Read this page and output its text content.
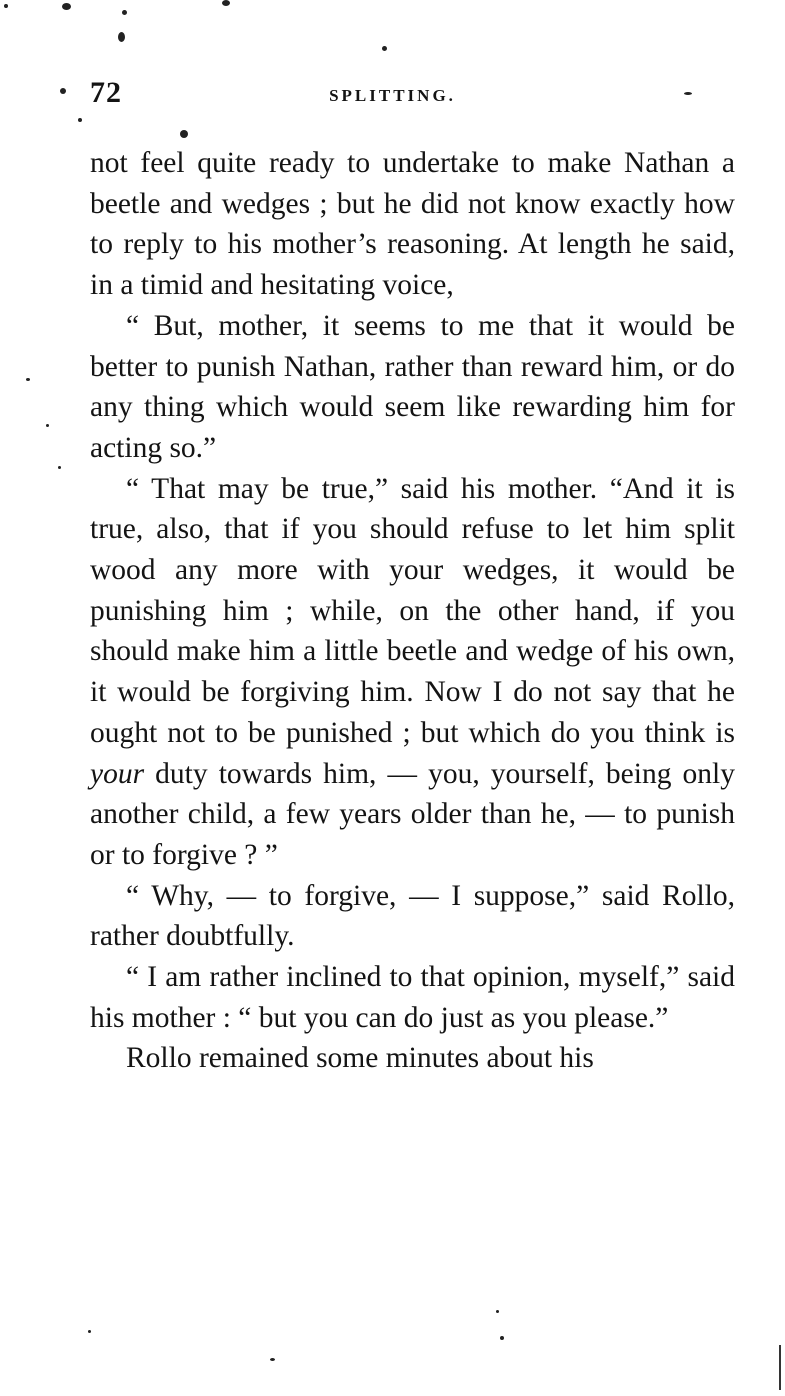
72	SPLITTING.

not feel quite ready to undertake to make Nathan a beetle and wedges ; but he did not know exactly how to reply to his mother’s reasoning. At length he said, in a timid and hesitating voice,

“ But, mother, it seems to me that it would be better to punish Nathan, rather than reward him, or do any thing which would seem like rewarding him for acting so.”

“ That may be true,” said his mother. “And it is true, also, that if you should refuse to let him split wood any more with your wedges, it would be punishing him ; while, on the other hand, if you should make him a little beetle and wedge of his own, it would be forgiving him. Now I do not say that he ought not to be punished ; but which do you think is your duty towards him, — you, yourself, being only another child, a few years older than he, — to punish or to forgive ? ”

“ Why, — to forgive, — I suppose,” said Rollo, rather doubtfully.

“ I am rather inclined to that opinion, myself,” said his mother : “ but you can do just as you please.”

Rollo remained some minutes about his
